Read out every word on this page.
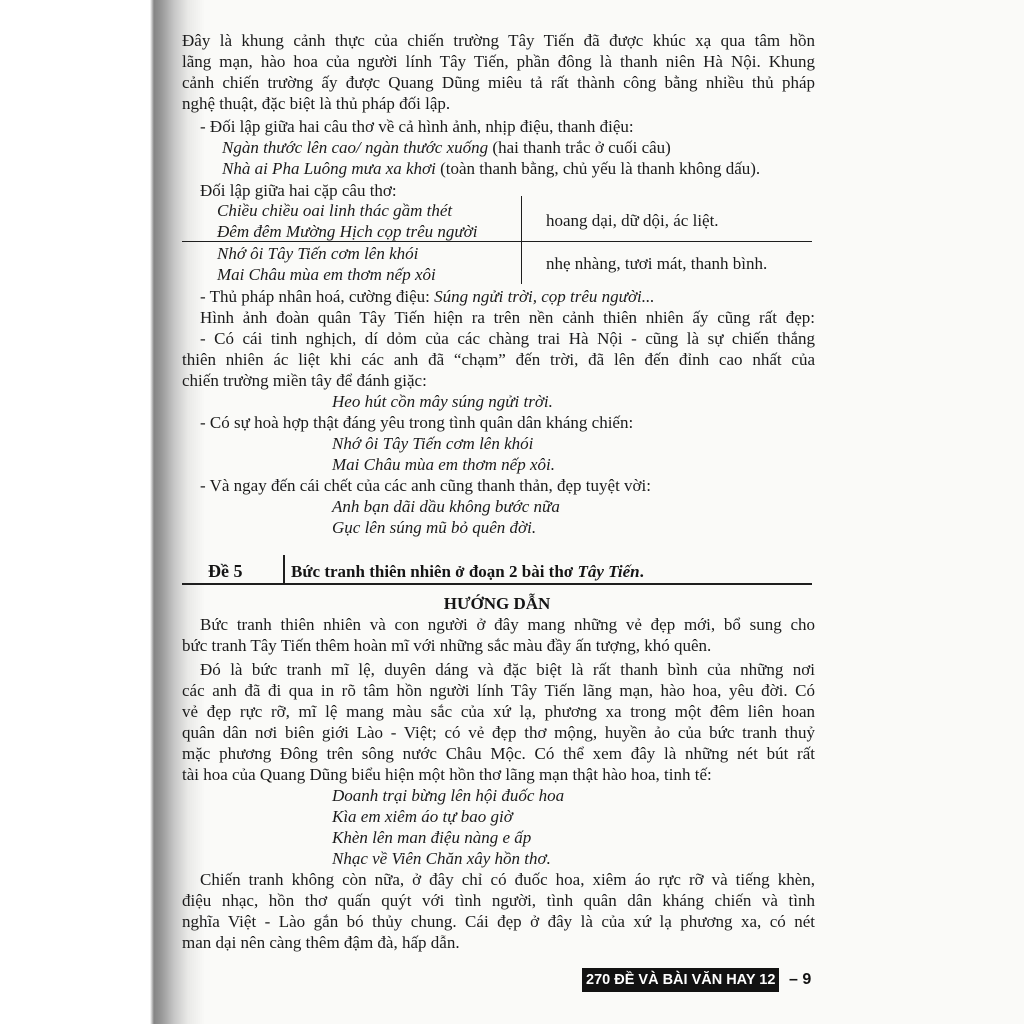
Đây là khung cảnh thực của chiến trường Tây Tiến đã được khúc xạ qua tâm hồn
lãng mạn, hào hoa của người lính Tây Tiến, phần đông là thanh niên Hà Nội. Khung
cảnh chiến trường ấy được Quang Dũng miêu tả rất thành công bằng nhiều thủ pháp
nghệ thuật, đặc biệt là thủ pháp đối lập.
- Đối lập giữa hai câu thơ về cả hình ảnh, nhịp điệu, thanh điệu:
Ngàn thước lên cao/ ngàn thước xuống (hai thanh trắc ở cuối câu)
Nhà ai Pha Luông mưa xa khơi (toàn thanh bằng, chủ yếu là thanh không dấu).
Đối lập giữa hai cặp câu thơ:
Chiều chiều oai linh thác gầm thét
Đêm đêm Mường Hịch cọp trêu người
hoang dại, dữ dội, ác liệt.
Nhớ ôi Tây Tiến cơm lên khói
Mai Châu mùa em thơm nếp xôi
nhẹ nhàng, tươi mát, thanh bình.
- Thủ pháp nhân hoá, cường điệu: Súng ngửi trời, cọp trêu người...
Hình ảnh đoàn quân Tây Tiến hiện ra trên nền cảnh thiên nhiên ấy cũng rất đẹp:
- Có cái tinh nghịch, dí dỏm của các chàng trai Hà Nội - cũng là sự chiến thắng
thiên nhiên ác liệt khi các anh đã “chạm” đến trời, đã lên đến đỉnh cao nhất của
chiến trường miền tây để đánh giặc:
Heo hút cồn mây súng ngửi trời.
- Có sự hoà hợp thật đáng yêu trong tình quân dân kháng chiến:
Nhớ ôi Tây Tiến cơm lên khói
Mai Châu mùa em thơm nếp xôi.
- Và ngay đến cái chết của các anh cũng thanh thản, đẹp tuyệt vời:
Anh bạn dãi dầu không bước nữa
Gục lên súng mũ bỏ quên đời.
Đề 5	Bức tranh thiên nhiên ở đoạn 2 bài thơ Tây Tiến.
HƯỚNG DẪN
Bức tranh thiên nhiên và con người ở đây mang những vẻ đẹp mới, bổ sung cho
bức tranh Tây Tiến thêm hoàn mĩ với những sắc màu đầy ấn tượng, khó quên.
Đó là bức tranh mĩ lệ, duyên dáng và đặc biệt là rất thanh bình của những nơi
các anh đã đi qua in rõ tâm hồn người lính Tây Tiến lãng mạn, hào hoa, yêu đời. Có
vẻ đẹp rực rỡ, mĩ lệ mang màu sắc của xứ lạ, phương xa trong một đêm liên hoan
quân dân nơi biên giới Lào - Việt; có vẻ đẹp thơ mộng, huyền ảo của bức tranh thuỷ
mặc phương Đông trên sông nước Châu Mộc. Có thể xem đây là những nét bút rất
tài hoa của Quang Dũng biểu hiện một hồn thơ lãng mạn thật hào hoa, tinh tế:
Doanh trại bừng lên hội đuốc hoa
Kìa em xiêm áo tự bao giờ
Khèn lên man điệu nàng e ấp
Nhạc về Viên Chăn xây hồn thơ.
Chiến tranh không còn nữa, ở đây chỉ có đuốc hoa, xiêm áo rực rỡ và tiếng khèn,
điệu nhạc, hồn thơ quấn quýt với tình người, tình quân dân kháng chiến và tình
nghĩa Việt - Lào gắn bó thủy chung. Cái đẹp ở đây là của xứ lạ phương xa, có nét
man dại nên càng thêm đậm đà, hấp dẫn.
270 ĐỀ VÀ BÀI VĂN HAY 12 – 9
